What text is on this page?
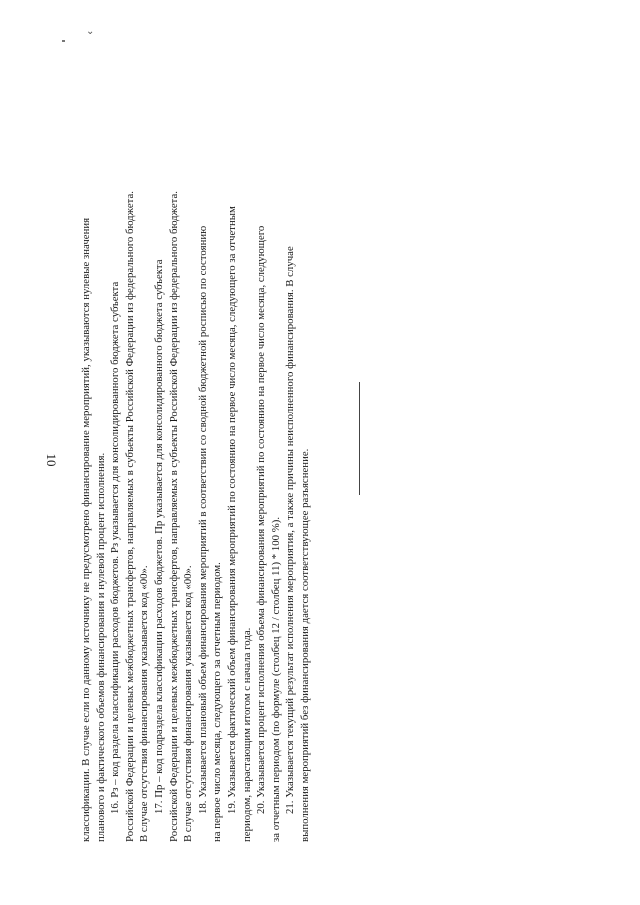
10
⌄

классификации. В случае если по данному источнику не предусмотрено финансирование мероприятий, указываются нулевые значения планового и фактического объемов финансирования и нулевой процент исполнения. 16. Рз – код раздела классификации расходов бюджетов. Рз указывается для консолидированного бюджета субъекта Российской Федерации и целевых межбюджетных трансфертов, направляемых в субъекты Российской Федерации из федерального бюджета. В случае отсутствия финансирования указывается код «00». 17. Пр – код подраздела классификации расходов бюджетов. Пр указывается для консолидированного бюджета субъекта Российской Федерации и целевых межбюджетных трансфертов, направляемых в субъекты Российской Федерации из федерального бюджета. В случае отсутствия финансирования указывается код «00». 18. Указывается плановый объем финансирования мероприятий в соответствии со сводной бюджетной росписью по состоянию на первое число месяца, следующего за отчетным периодом. 19. Указывается фактический объем финансирования мероприятий по состоянию на первое число месяца, следующего за отчетным периодом, нарастающим итогом с начала года. 20. Указывается процент исполнения объема финансирования мероприятий по состоянию на первое число месяца, следующего за отчетным периодом (по формуле (столбец 12 / столбец 11) * 100 %). 21. Указывается текущий результат исполнения мероприятия, а также причины неисполненного финансирования. В случае выполнения мероприятий без финансирования дается соответствующее разъяснение.
